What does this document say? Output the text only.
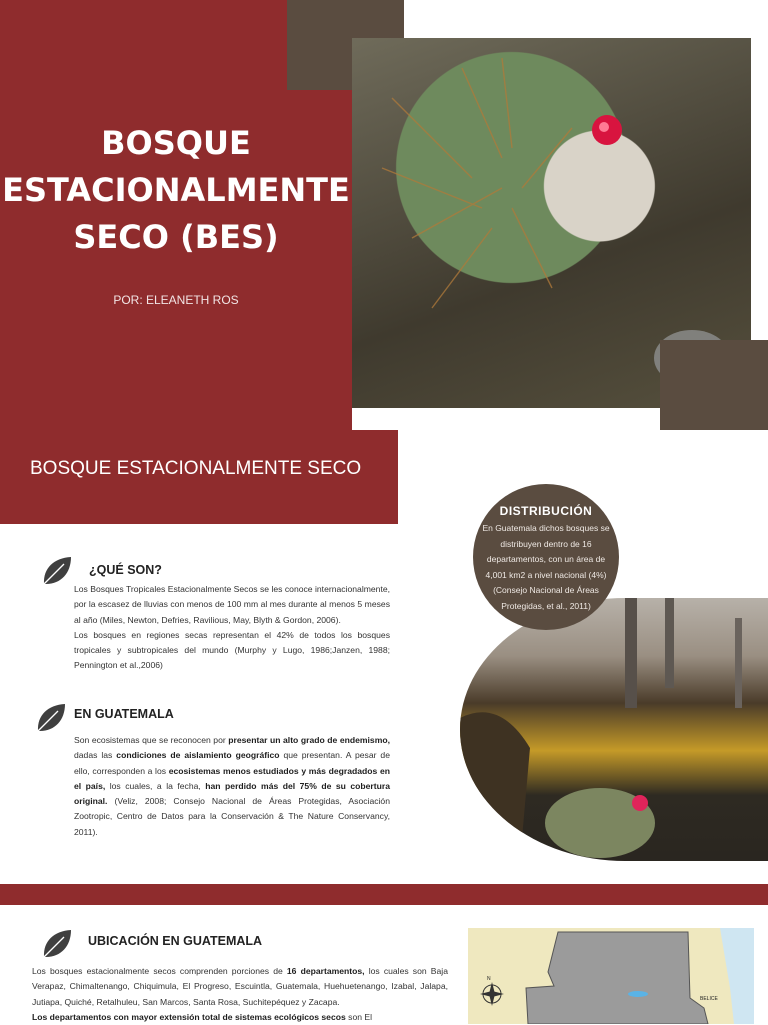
BOSQUE
ESTACIONALMENTE
SECO (BES)
POR: ELEANETH ROS
BOSQUE ESTACIONALMENTE SECO
DISTRIBUCIÓN
En Guatemala dichos bosques se distribuyen dentro de 16 departamentos, con un área de 4,001 km2 a nivel nacional (4%) (Consejo Nacional de Áreas Protegidas, et al., 2011)
¿QUÉ SON?
Los Bosques Tropicales Estacionalmente Secos se les conoce internacionalmente, por la escasez de lluvias con menos de 100 mm al mes durante al menos 5 meses al año (Miles, Newton, Defries, Ravilious, May, Blyth & Gordon, 2006).
Los bosques en regiones secas representan el 42% de todos los bosques tropicales y subtropicales del mundo (Murphy y Lugo, 1986;Janzen, 1988; Pennington et al.,2006)
EN GUATEMALA
Son ecosistemas que se reconocen por presentar un alto grado de endemismo, dadas las condiciones de aislamiento geográfico que presentan. A pesar de ello, corresponden a los ecosistemas menos estudiados y más degradados en el país, los cuales, a la fecha, han perdido más del 75% de su cobertura original. (Veliz, 2008; Consejo Nacional de Áreas Protegidas, Asociación Zootropic, Centro de Datos para la Conservación & The Nature Conservancy, 2011).
UBICACIÓN EN GUATEMALA
Los bosques estacionalmente secos comprenden porciones de 16 departamentos, los cuales son Baja Verapaz, Chimaltenango, Chiquimula, El Progreso, Escuintla, Guatemala, Huehuetenango, Izabal, Jalapa, Jutiapa, Quiché, Retalhuleu, San Marcos, Santa Rosa, Suchitepéquez y Zacapa.
Los departamentos con mayor extensión total de sistemas ecológicos secos son El
N
BELICE
